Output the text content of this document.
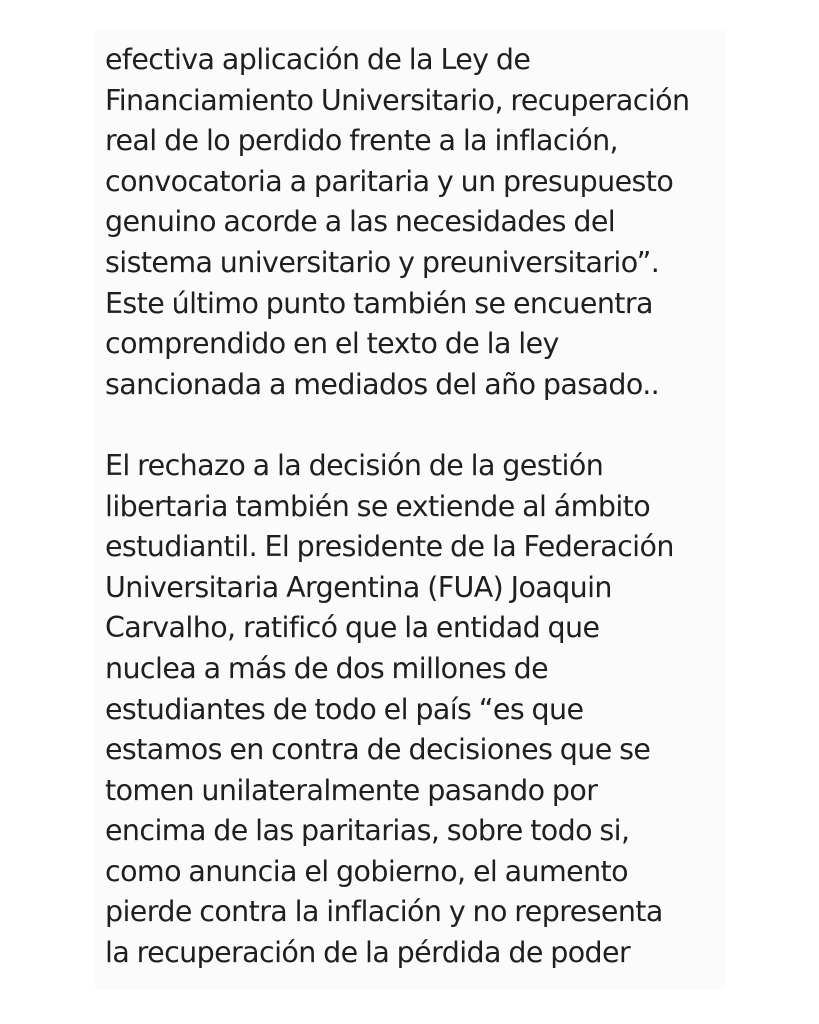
efectiva aplicación de la Ley de
Financiamiento Universitario, recuperación
real de lo perdido frente a la inflación,
convocatoria a paritaria y un presupuesto
genuino acorde a las necesidades del
sistema universitario y preuniversitario”.
Este último punto también se encuentra
comprendido en el texto de la ley
sancionada a mediados del año pasado..

El rechazo a la decisión de la gestión
libertaria también se extiende al ámbito
estudiantil. El presidente de la Federación
Universitaria Argentina (FUA) Joaquin
Carvalho, ratificó que la entidad que
nuclea a más de dos millones de
estudiantes de todo el país “es que
estamos en contra de decisiones que se
tomen unilateralmente pasando por
encima de las paritarias, sobre todo si,
como anuncia el gobierno, el aumento
pierde contra la inflación y no representa
la recuperación de la pérdida de poder
